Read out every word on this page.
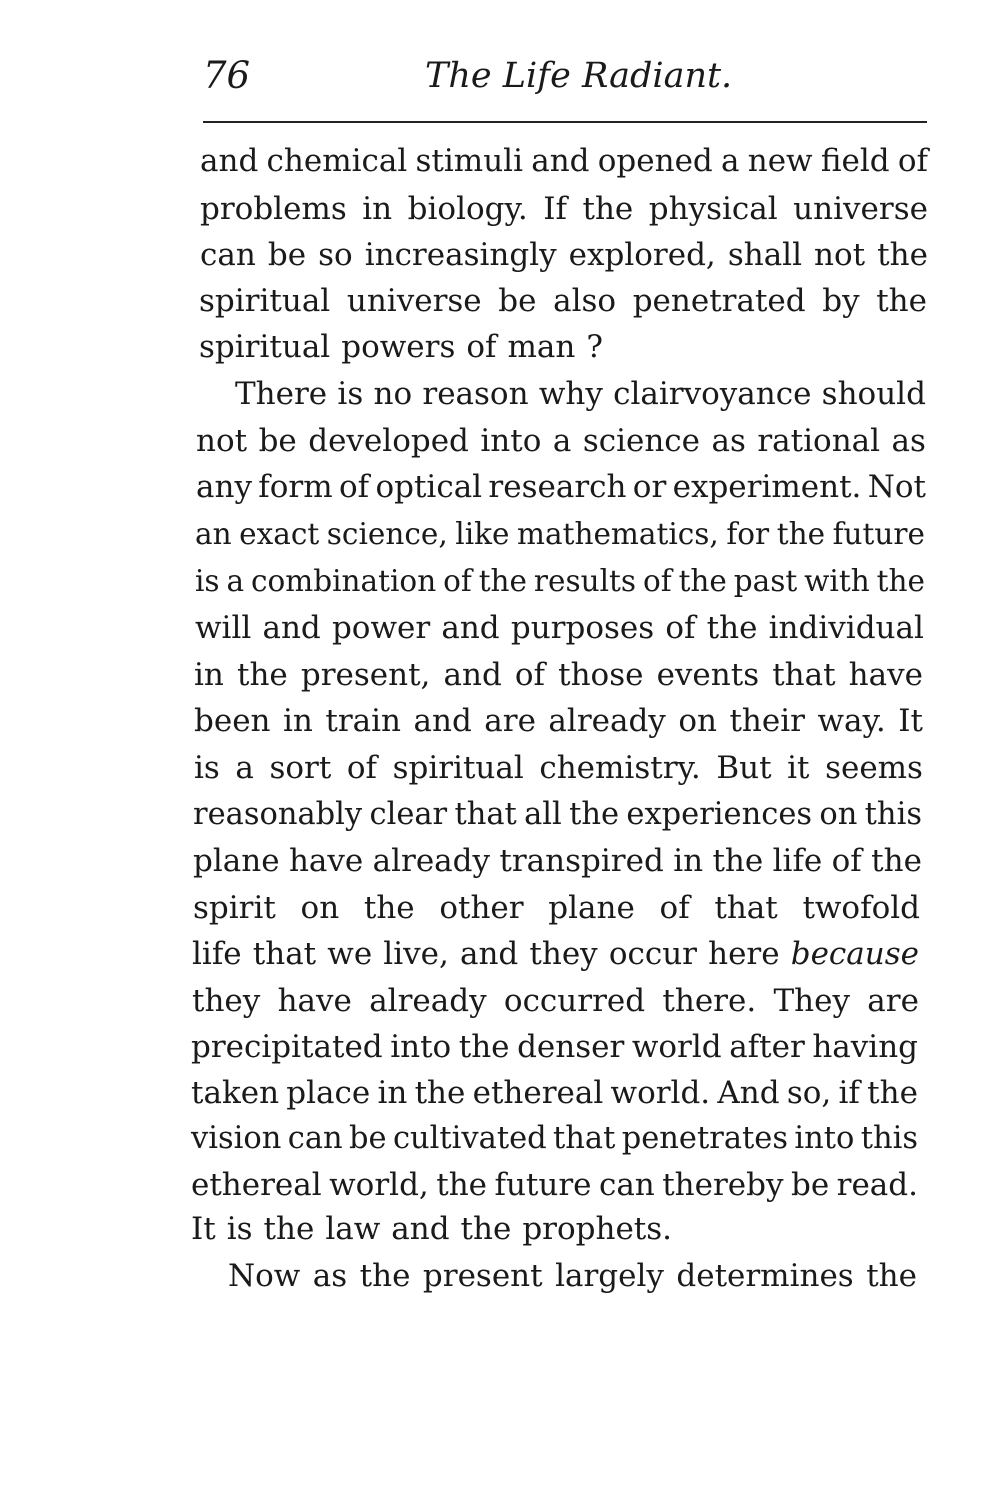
76	The Life Radiant.
and chemical stimuli and opened a new field of
problems in biology. If the physical universe
can be so increasingly explored, shall not the
spiritual universe be also penetrated by the
spiritual powers of man ?
There is no reason why clairvoyance should
not be developed into a science as rational as
any form of optical research or experiment. Not
an exact science, like mathematics, for the future
is a combination of the results of the past with the
will and power and purposes of the individual
in the present, and of those events that have
been in train and are already on their way. It
is a sort of spiritual chemistry. But it seems
reasonably clear that all the experiences on this
plane have already transpired in the life of the
spirit on the other plane of that twofold
life that we live, and they occur here because
they have already occurred there. They are
precipitated into the denser world after having
taken place in the ethereal world. And so, if the
vision can be cultivated that penetrates into this
ethereal world, the future can thereby be read.
It is the law and the prophets.
Now as the present largely determines the
